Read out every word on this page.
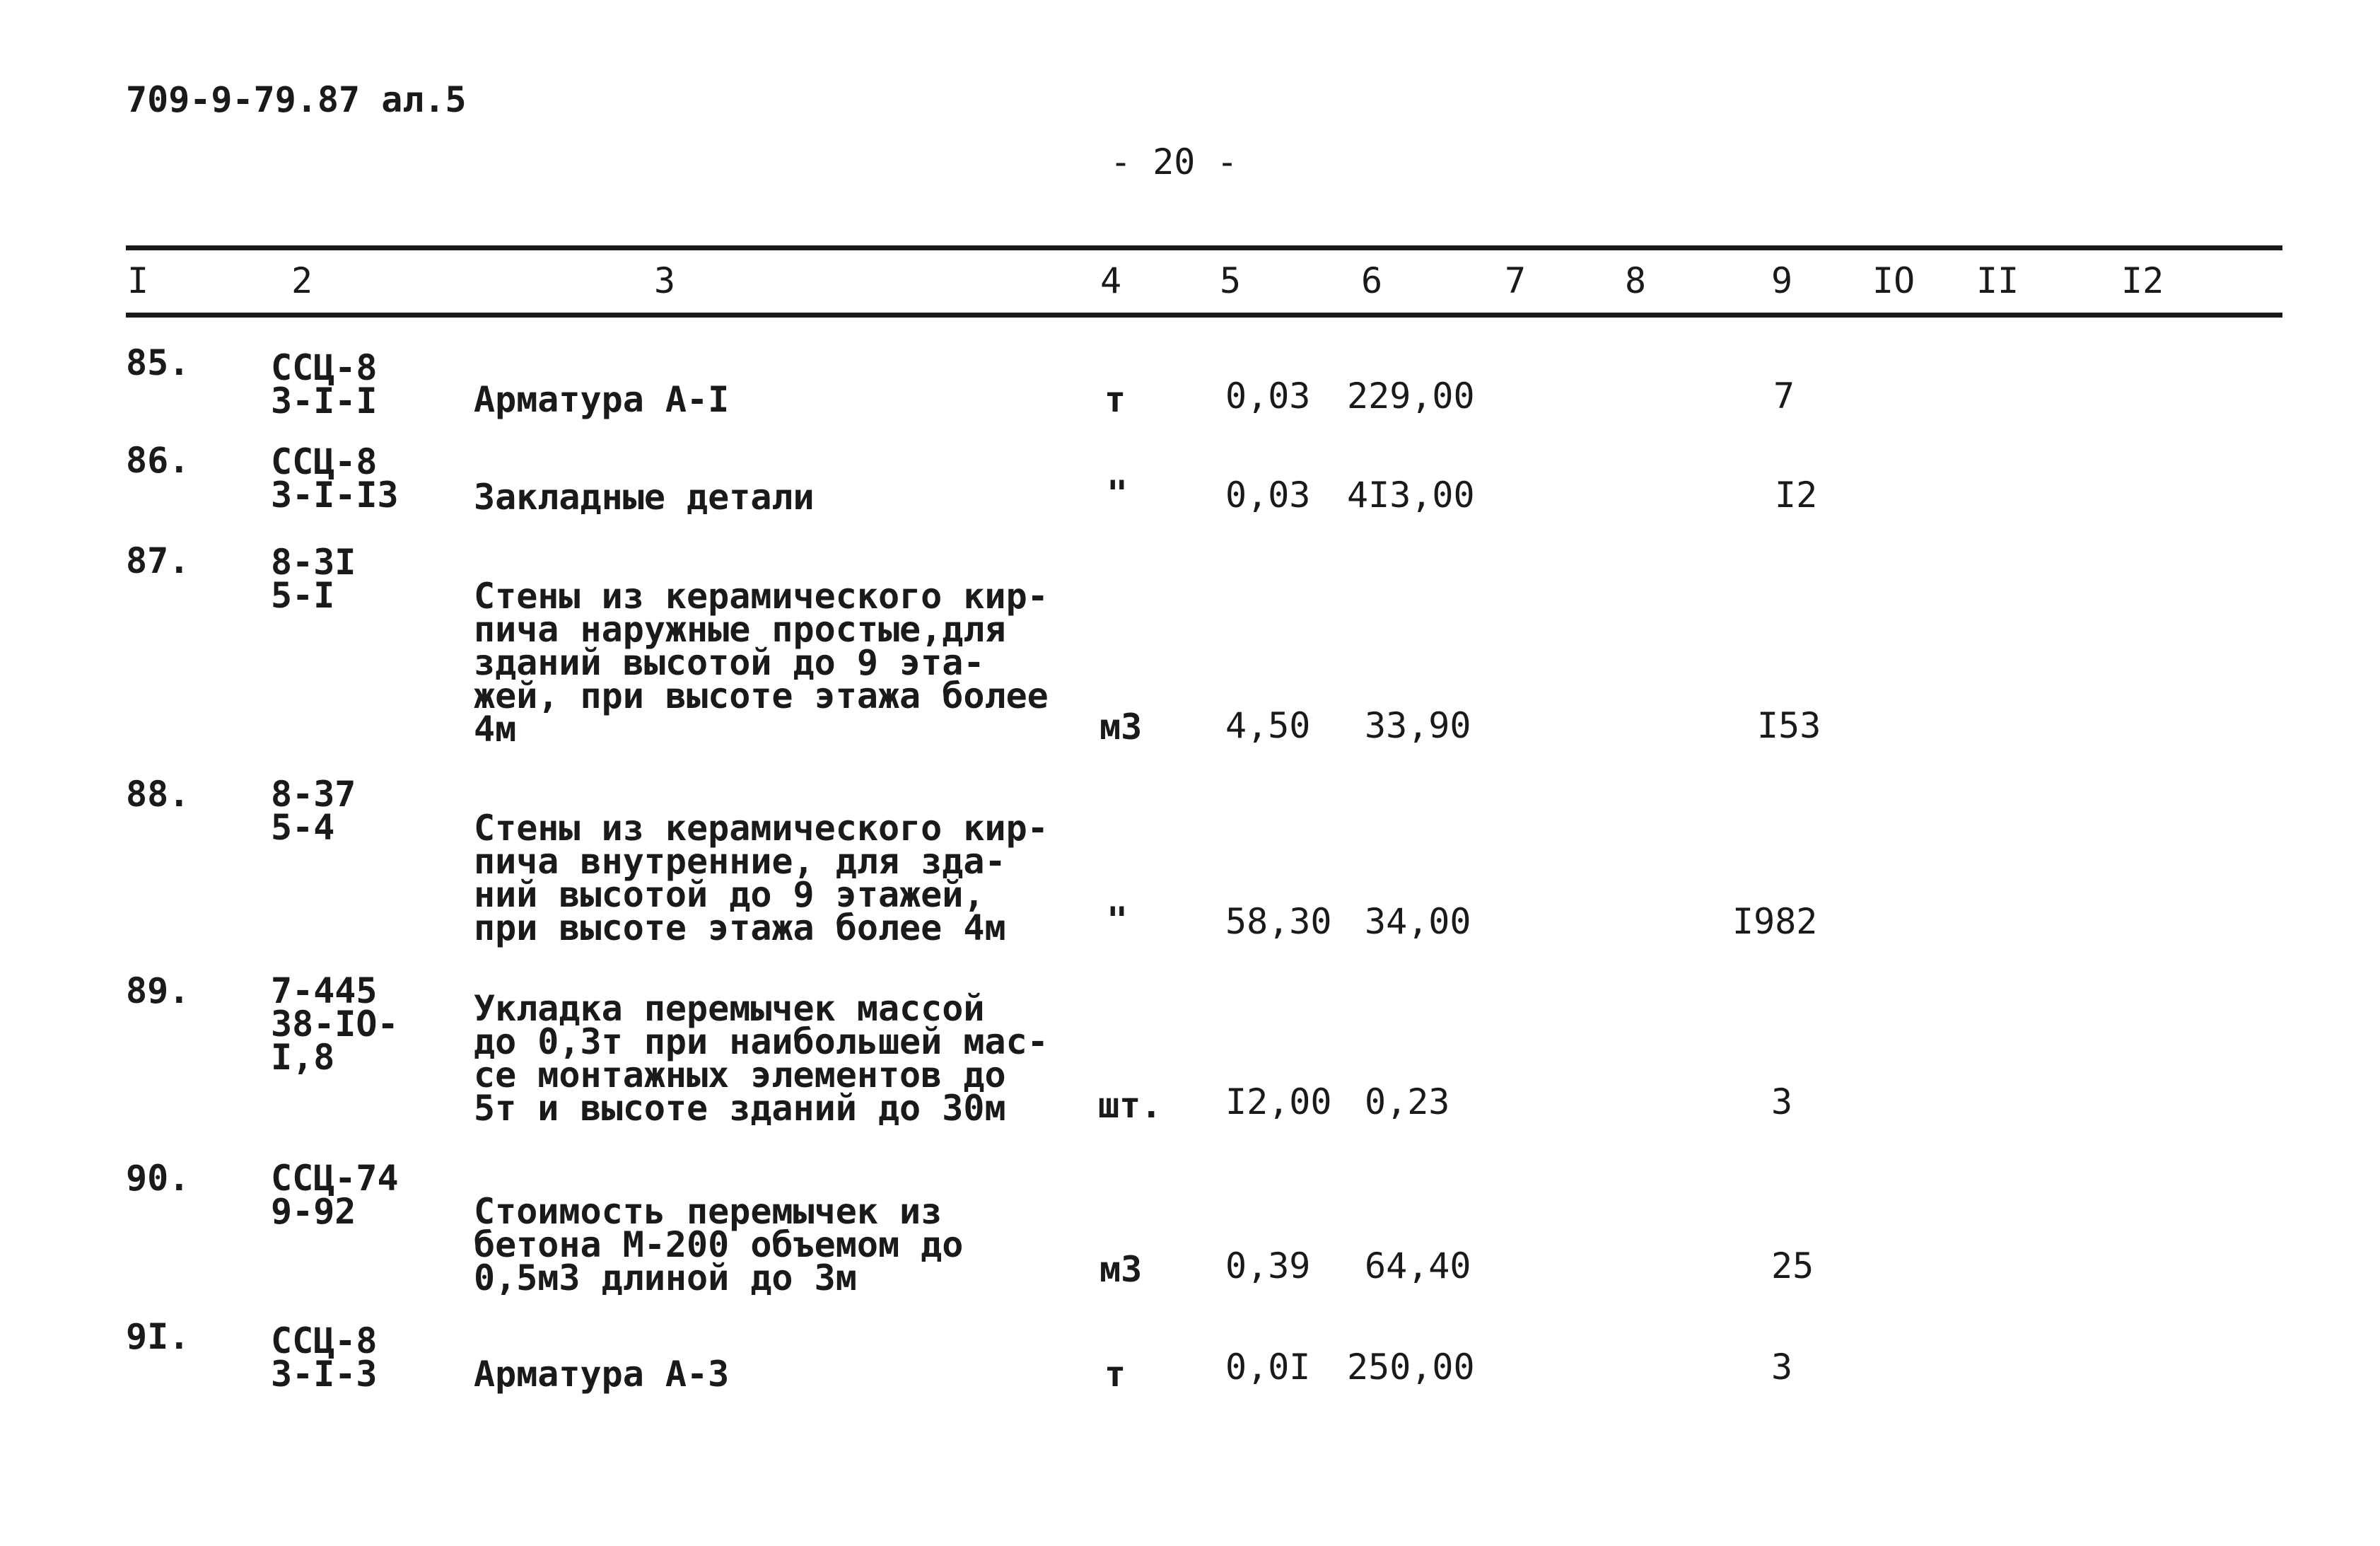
709-9-79.87 ал.5
- 20 -
I	2	3	4	5	6	7	8	9 IO II	I2
85. ССЦ-8
3-I-I	Арматура А-I	т	0,03 229,00	7
86. ССЦ-8
3-I-I3 Закладные детали	"	0,03 4I3,00	I2
87. 8-3I
5-I	Стены из керамического кир-
пича наружные простые,для
зданий высотой до 9 эта-
жей, при высоте этажа более
4м	м3 4,50 33,90	I53
88. 8-37
5-4	Стены из керамического кир-
пича внутренние, для зда-
ний высотой до 9 этажей,
при высоте этажа более 4м	"	58,30 34,00	I982
89. 7-445
38-IO-
I,8
Укладка перемычек массой
до 0,3т при наибольшей мас-
се монтажных элементов до
5т и высоте зданий до 30м	шт. I2,00 0,23	3
90. ССЦ-74
9-92	Стоимость перемычек из
бетона М-200 объемом до
0,5м3 длиной до 3м	м3 0,39 64,40	25
9I. ССЦ-8
3-I-3	Арматура А-3	т	0,0I 250,00	3
